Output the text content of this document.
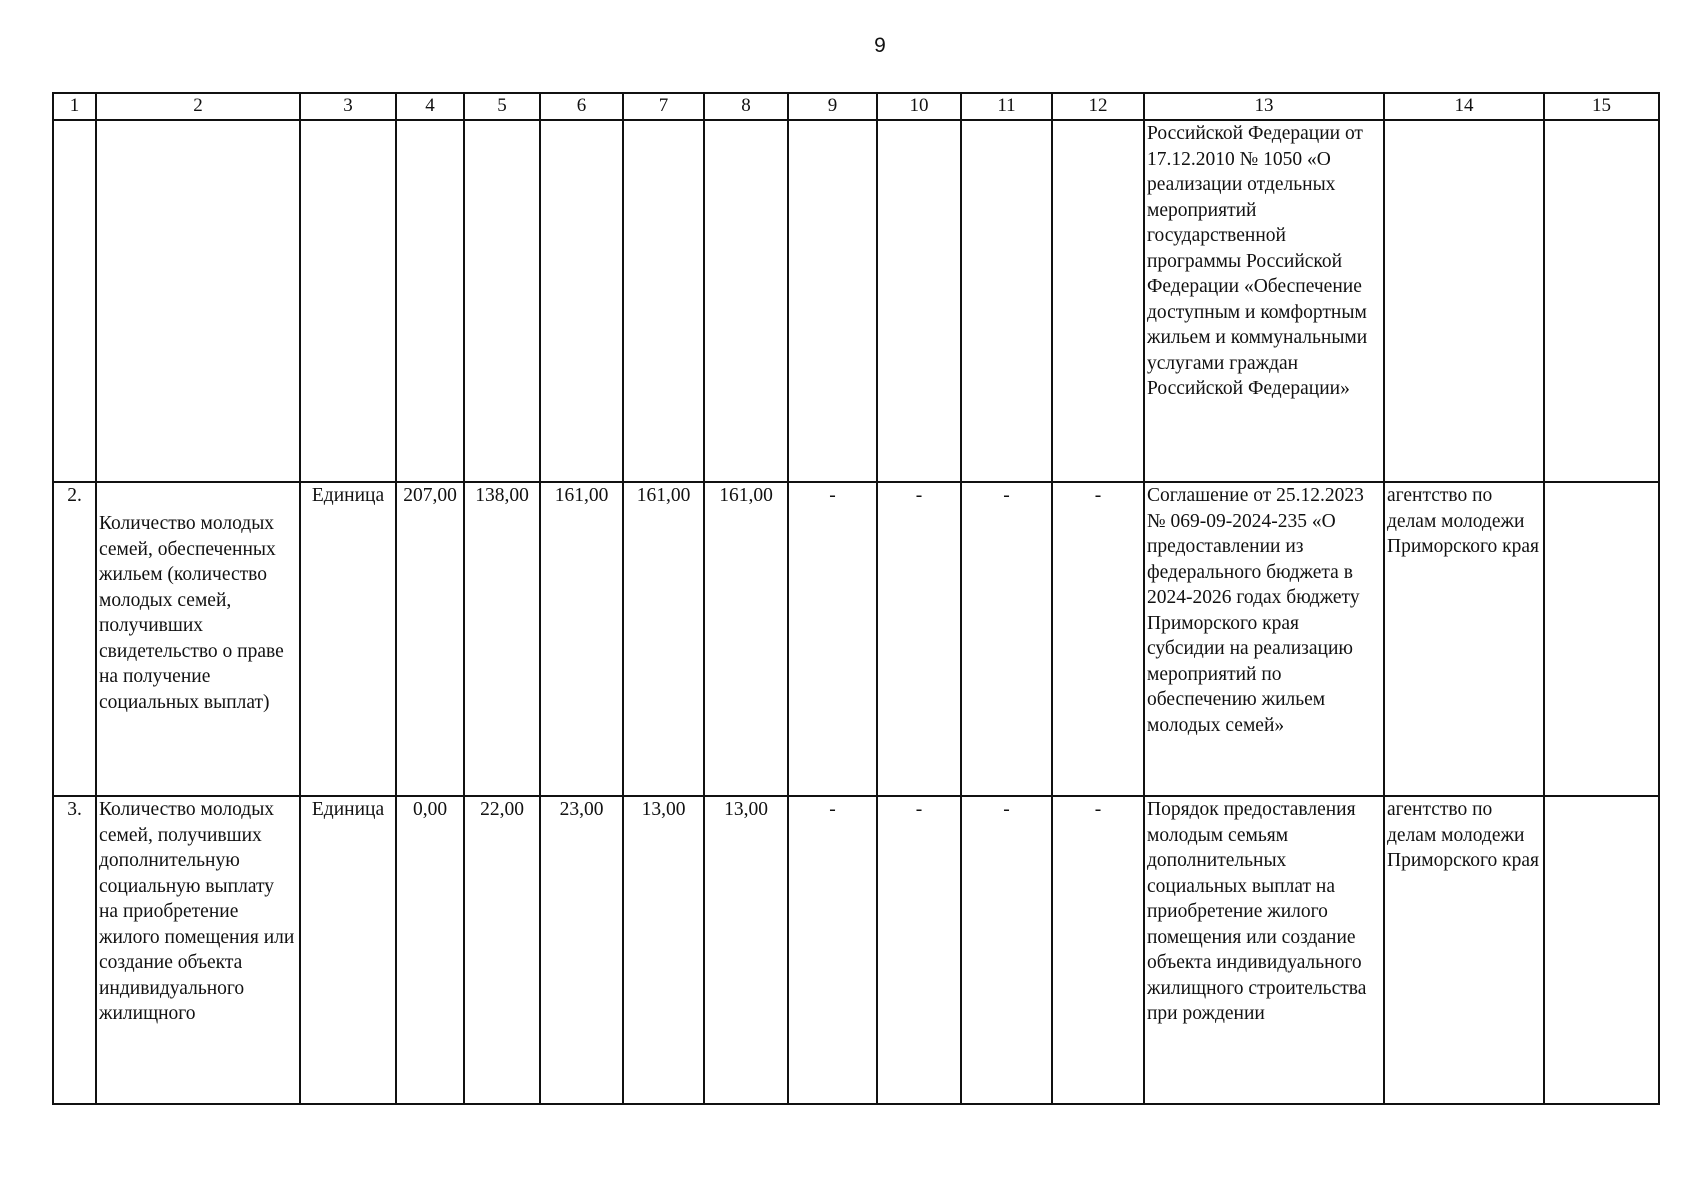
9
1	2	3	4	5	6	7	8	9	10	11	12	13	14	15
												Российской Федерации от 17.12.2010 № 1050 «О реализации отдельных мероприятий государственной программы Российской Федерации «Обеспечение доступным и комфортным жильем и коммунальными услугами граждан Российской Федерации»		
2.	Количество молодых семей, обеспеченных жильем (количество молодых семей, получивших свидетельство о праве на получение социальных выплат)	Единица	207,00	138,00	161,00	161,00	161,00	-	-	-	-	Соглашение от 25.12.2023 № 069-09-2024-235 «О предоставлении из федерального бюджета в 2024-2026 годах бюджету Приморского края субсидии на реализацию мероприятий по обеспечению жильем молодых семей»	агентство по делам молодежи Приморского края	
3.	Количество молодых семей, получивших дополнительную социальную выплату на приобретение жилого помещения или создание объекта индивидуального жилищного	Единица	0,00	22,00	23,00	13,00	13,00	-	-	-	-	Порядок предоставления молодым семьям дополнительных социальных выплат на приобретение жилого помещения или создание объекта индивидуального жилищного строительства при рождении	агентство по делам молодежи Приморского края	
